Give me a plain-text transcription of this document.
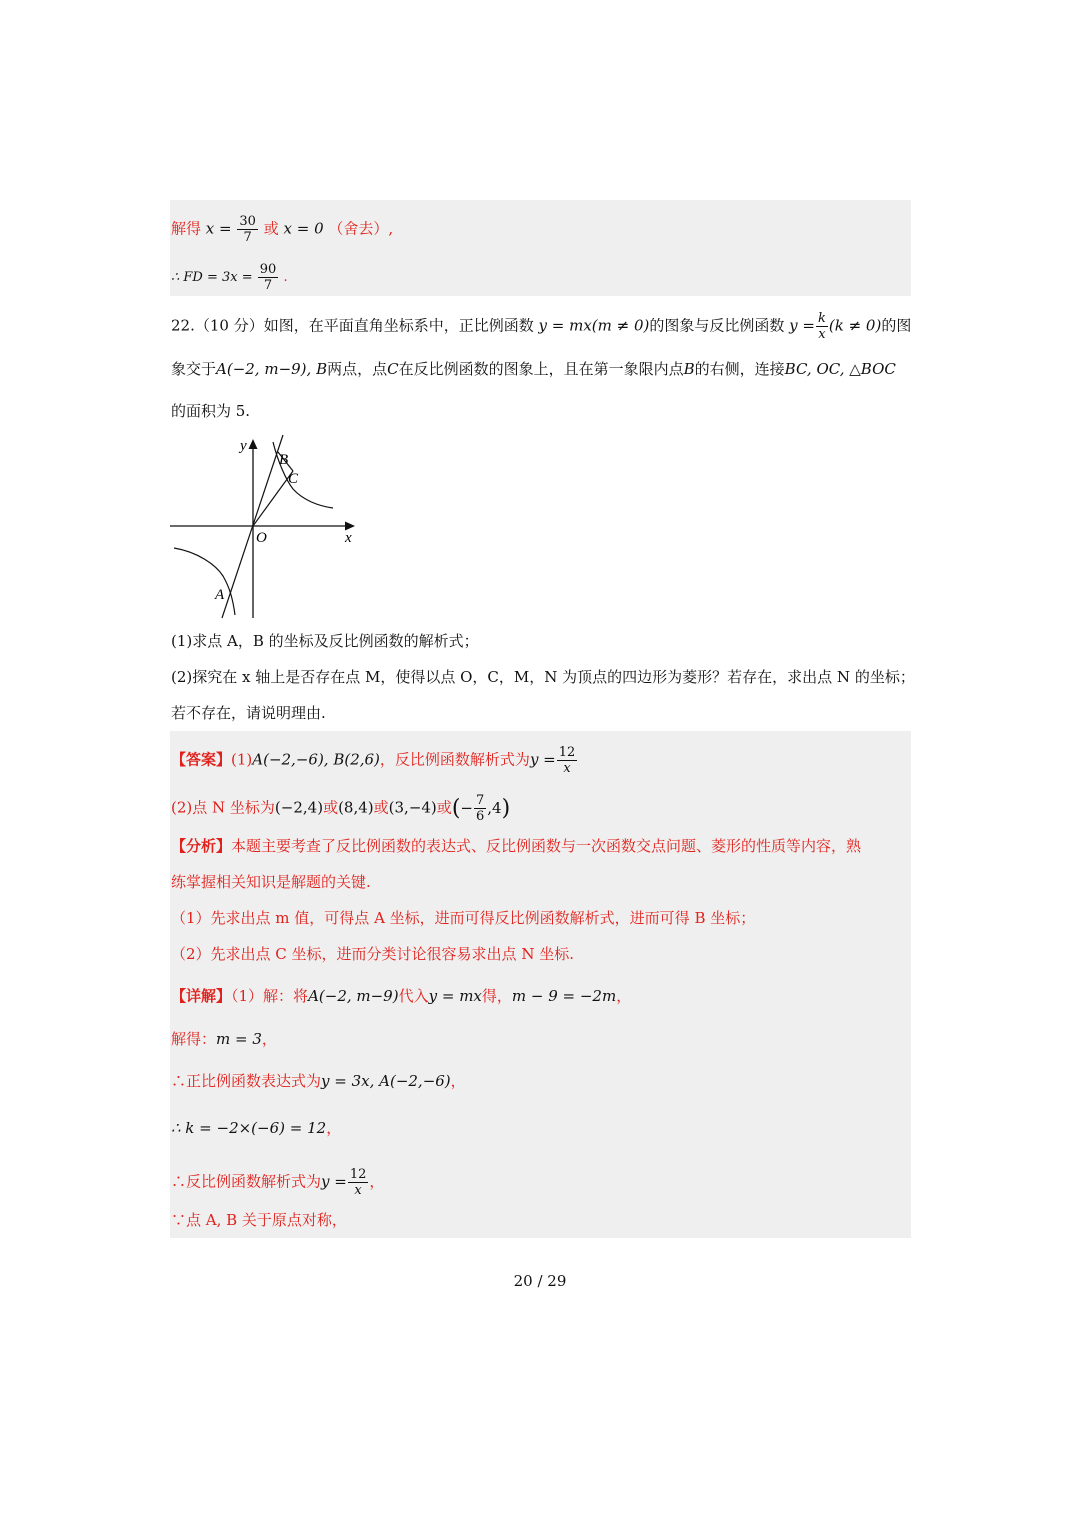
解得 $x = \frac{30}{7}$ 或 x = 0 （舍去）,
∴ FD = $3x = \frac{90}{7}$ .
22.（10 分）如图，在平面直角坐标系中，正比例函数 y = mx(m ≠ 0)的图象与反比例函数 $y = \frac{k}{x} (k \ne 0)$的图
象交于A(−2, m−9), B两点，点C在反比例函数的图象上，且在第一象限内点B的右侧，连接BC, OC, △BOC
的面积为 5.
y
x
O
A
B
C
(1)求点 A，B 的坐标及反比例函数的解析式；
(2)探究在 x 轴上是否存在点 M，使得以点 O，C，M，N 为顶点的四边形为菱形？若存在，求出点 N 的坐标；
若不存在，请说明理由.
【答案】(1)A(−2,−6), B(2,6)，反比例函数解析式为$y = \frac{12}{x}$
(2)点 N 坐标为(−2,4)或(8,4)或(3,−4)或(− $\frac{7}{6} ,4$)
【分析】本题主要考查了反比例函数的表达式、反比例函数与一次函数交点问题、菱形的性质等内容，熟
练掌握相关知识是解题的关键.
（1）先求出点 m 值，可得点 A 坐标，进而可得反比例函数解析式，进而可得 B 坐标；
（2）先求出点 C 坐标，进而分类讨论很容易求出点 N 坐标.
【详解】（1）解：将A(−2, m−9)代入y = mx得，m − 9 = −2m，
解得：m = 3，
∴正比例函数表达式为y = 3x, A(−2,−6)，
∴ k = −2×(−6) = 12，
∴反比例函数解析式为$y = \frac{12}{x}$ ，
∵点 A, B 关于原点对称，
20 / 29
